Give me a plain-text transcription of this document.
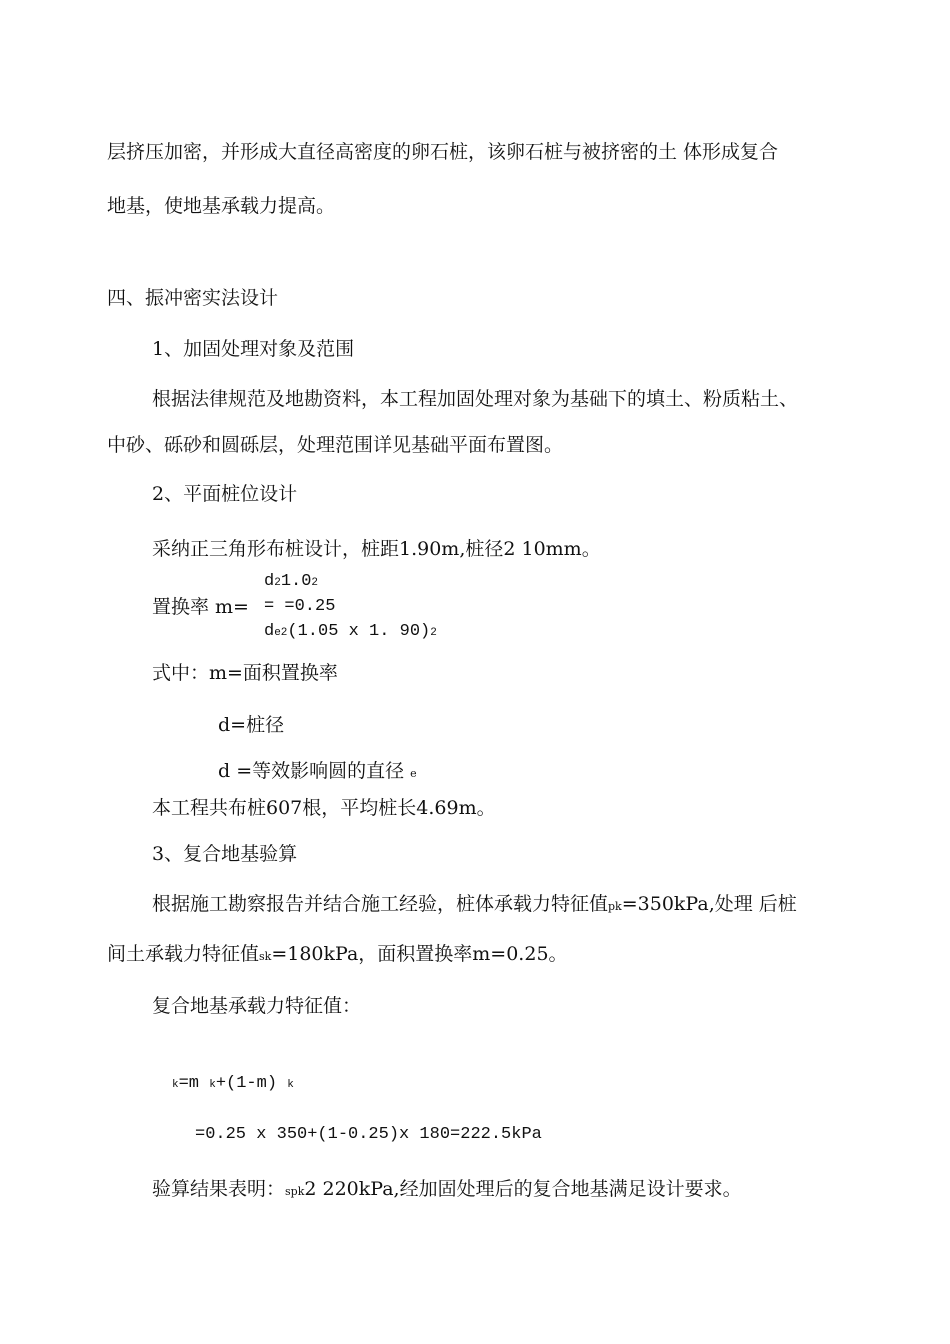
层挤压加密，并形成大直径高密度的卵石桩，该卵石桩与被挤密的土 体形成复合
地基，使地基承载力提高。
四、振冲密实法设计
1、加固处理对象及范围
根据法律规范及地勘资料，本工程加固处理对象为基础下的填土、粉质粘土、
中砂、砾砂和圆砾层，处理范围详见基础平面布置图。
2、平面桩位设计
采纳正三角形布桩设计，桩距1.90m,桩径2 10mm。
d21.02
置换率 m= = =0.25
de2(1.05 x 1. 90)2
式中：m=面积置换率
d=桩径
d =等效影响圆的直径 e
本工程共布桩607根，平均桩长4.69m。
3、复合地基验算
根据施工勘察报告并结合施工经验，桩体承载力特征值pk=350kPa,处理 后桩
间土承载力特征值sk=180kPa，面积置换率m=0.25。
复合地基承载力特征值：
k=m k+(1-m) k
=0.25 x 350+(1-0.25)x 180=222.5kPa
验算结果表明：spk2 220kPa,经加固处理后的复合地基满足设计要求。
